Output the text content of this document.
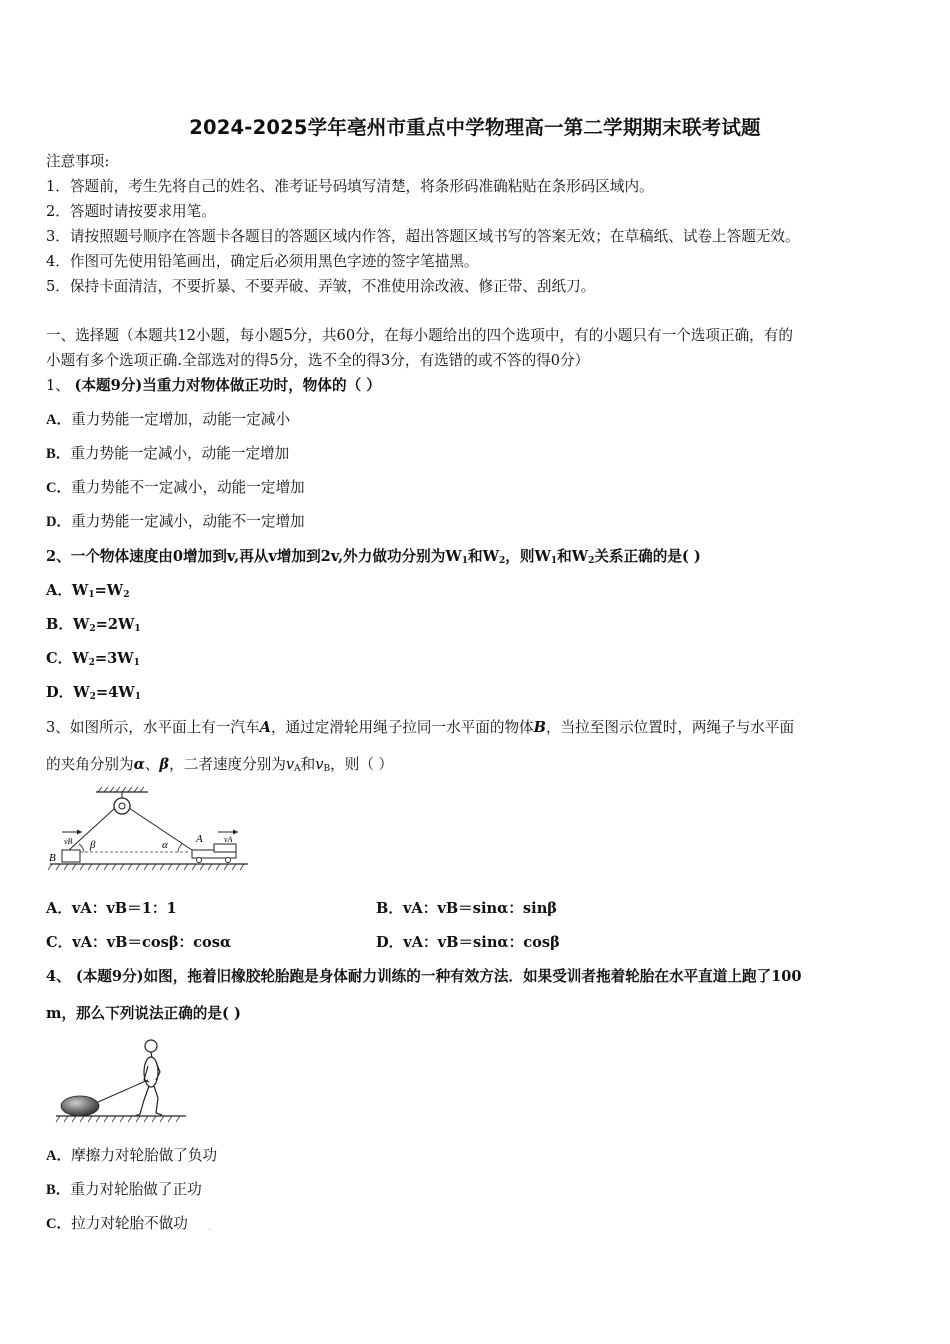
2024-2025学年亳州市重点中学物理高一第二学期期末联考试题
注意事项:
1．答题前，考生先将自己的姓名、准考证号码填写清楚，将条形码准确粘贴在条形码区域内。
2．答题时请按要求用笔。
3．请按照题号顺序在答题卡各题目的答题区域内作答，超出答题区域书写的答案无效；在草稿纸、试卷上答题无效。
4．作图可先使用铅笔画出，确定后必须用黑色字迹的签字笔描黑。
5．保持卡面清洁，不要折暴、不要弄破、弄皱，不准使用涂改液、修正带、刮纸刀。
一、选择题（本题共12小题，每小题5分，共60分，在每小题给出的四个选项中，有的小题只有一个选项正确，有的
小题有多个选项正确.全部选对的得5分，选不全的得3分，有选错的或不答的得0分）
1、 (本题9分)当重力对物体做正功时，物体的（ ）
A．重力势能一定增加，动能一定减小
B．重力势能一定减小，动能一定增加
C．重力势能不一定减小，动能一定增加
D．重力势能一定减小，动能不一定增加
2、一个物体速度由0增加到v,再从v增加到2v,外力做功分别为$W_1$和$W_2$，则$W_1$和$W_2$关系正确的是( )
A．$W_1=W_2$
B．$W_2=2W_1$
C．$W_2=3W_1$
D．$W_2=4W_1$
3、如图所示，水平面上有一汽车A，通过定滑轮用绳子拉同一水平面的物体B，当拉至图示位置时，两绳子与水平面
的夹角分别为α、β，二者速度分别为$v_A$和$v_B$，则（ ）
B
vB β	α	A	vA
A．vA：vB＝1：1	B．vA：vB＝sinα：sinβ
C．vA：vB＝cosβ：cosα	D．vA：vB＝sinα：cosβ
4、 (本题9分)如图，拖着旧橡胶轮胎跑是身体耐力训练的一种有效方法．如果受训者拖着轮胎在水平直道上跑了100
m，那么下列说法正确的是( )
A．摩擦力对轮胎做了负功
B．重力对轮胎做了正功
C．拉力对轮胎不做功 .
